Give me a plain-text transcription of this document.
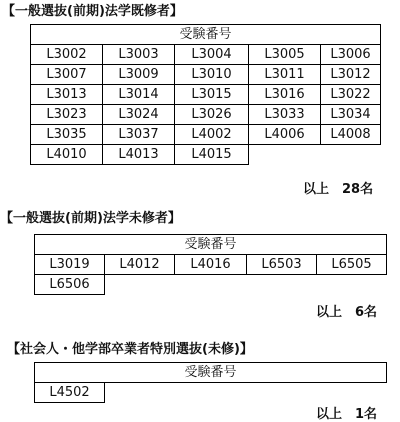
【一般選抜(前期)法学既修者】
受験番号				
L3002	L3003	L3004	L3005	L3006
L3007	L3009	L3010	L3011	L3012
L3013	L3014	L3015	L3016	L3022
L3023	L3024	L3026	L3033	L3034
L3035	L3037	L4002	L4006	L4008
L4010	L4013	L4015		
以上　28名
【一般選抜(前期)法学未修者】
受験番号				
L3019	L4012	L4016	L6503	L6505
L6506				
以上　6名
【社会人・他学部卒業者特別選抜(未修)】
受験番号
L4502				
以上　1名
